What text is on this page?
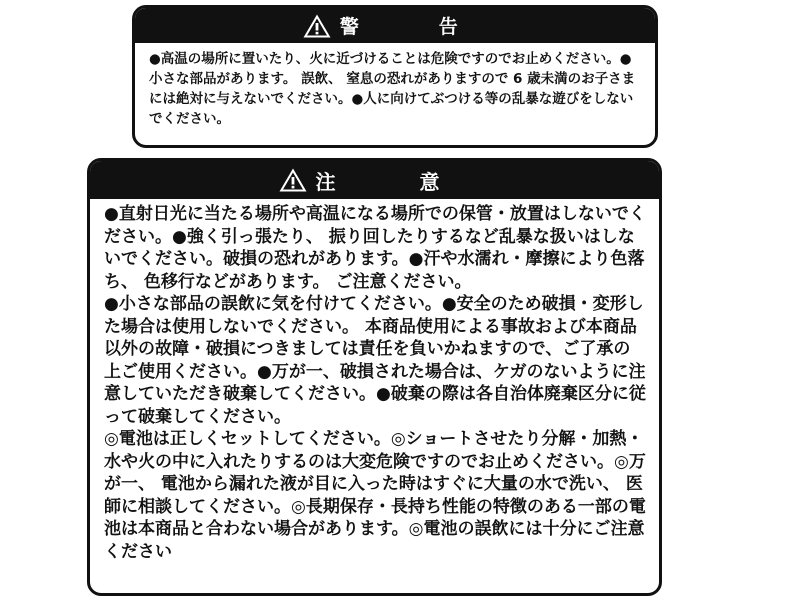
警　告

●高温の場所に置いたり、火に近づけることは危険ですのでお止めください。●小さな部品があります。 誤飲、 窒息の恐れがありますので 6 歳未満のお子さまには絶対に与えないでください。●人に向けてぶつける等の乱暴な遊びをしないでください。

注　意

●直射日光に当たる場所や高温になる場所での保管・放置はしないでください。●強く引っ張たり、 振り回したりするなど乱暴な扱いはしないでください。破損の恐れがあります。●汗や水濡れ・摩擦により色落ち、 色移行などがあります。 ご注意ください。

●小さな部品の誤飲に気を付けてください。●安全のため破損・変形した場合は使用しないでください。 本商品使用による事故および本商品以外の故障・破損につきましては責任を負いかねますので、ご了承の上ご使用ください。●万が一、破損された場合は、ケガのないように注意していただき破棄してください。●破棄の際は各自治体廃棄区分に従って破棄してください。

◎電池は正しくセットしてください。◎ショートさせたり分解・加熱・水や火の中に入れたりするのは大変危険ですのでお止めください。◎万が一、 電池から漏れた液が目に入った時はすぐに大量の水で洗い、 医師に相談してください。◎長期保存・長持ち性能の特徴のある一部の電池は本商品と合わない場合があります。◎電池の誤飲には十分にご注意ください
